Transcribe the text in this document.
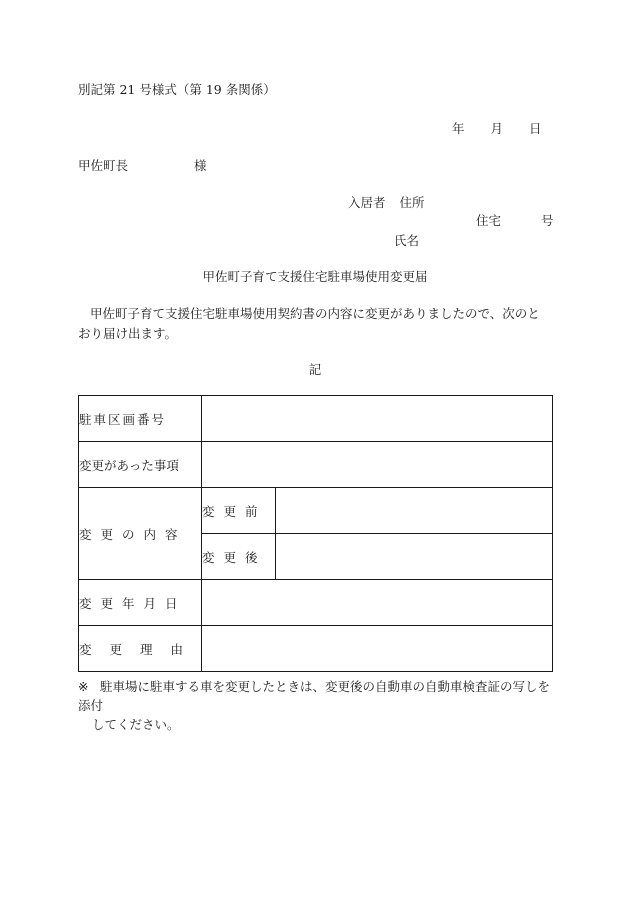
別記第 21 号様式（第 19 条関係）
年 月 日
甲佐町長	様
入居者 住所
住宅	号
氏名
甲佐町子育て支援住宅駐車場使用変更届
甲佐町子育て支援住宅駐車場使用契約書の内容に変更がありましたので、次のとおり届け出ます。
記
駐車区画番号		
変更があった事項		
変更の内容	変更前	
	変更後	
変更年月日		
変更理由		
※ 駐車場に駐車する車を変更したときは、変更後の自動車の自動車検査証の写しを添付
してください。
